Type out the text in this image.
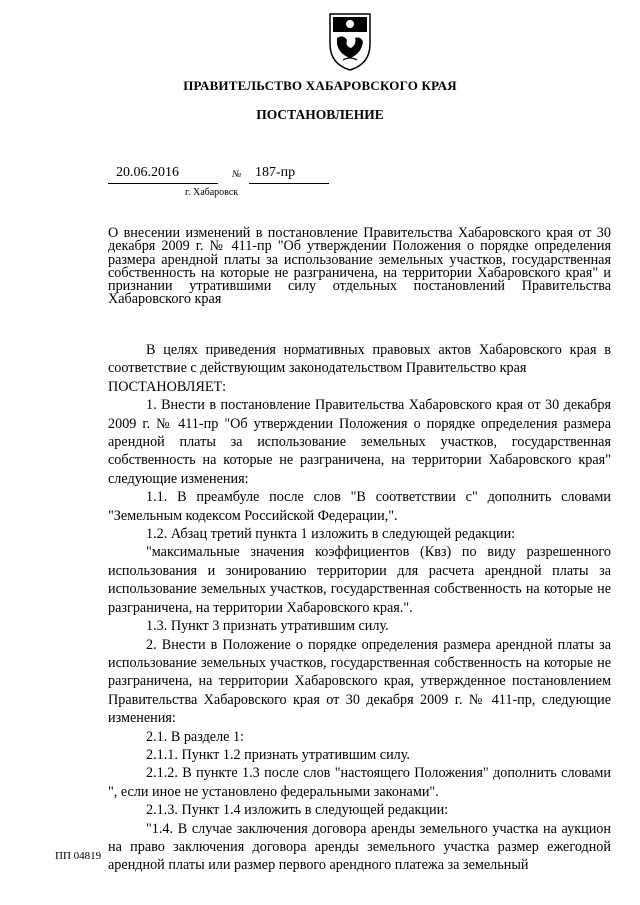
ПРАВИТЕЛЬСТВО ХАБАРОВСКОГО КРАЯ
ПОСТАНОВЛЕНИЕ
20.06.2016	№ 187-пр
г. Хабаровск
О внесении изменений в постановление Правительства Хабаровского края от 30 декабря 2009 г. № 411-пр "Об утверждении Положения о порядке определения размера арендной платы за использование земельных участков, государственная собственность на которые не разграничена, на территории Хабаровского края" и признании утратившими силу отдельных постановлений Правительства Хабаровского края

В целях приведения нормативных правовых актов Хабаровского края в соответствие с действующим законодательством Правительство края

ПОСТАНОВЛЯЕТ:

1. Внести в постановление Правительства Хабаровского края от 30 декабря 2009 г. № 411-пр "Об утверждении Положения о порядке определения размера арендной платы за использование земельных участков, государственная собственность на которые не разграничена, на территории Хабаровского края" следующие изменения:

1.1. В преамбуле после слов "В соответствии с" дополнить словами "Земельным кодексом Российской Федерации,".

1.2. Абзац третий пункта 1 изложить в следующей редакции:

"максимальные значения коэффициентов (Квз) по виду разрешенного использования и зонированию территории для расчета арендной платы за использование земельных участков, государственная собственность на которые не разграничена, на территории Хабаровского края.".

1.3. Пункт 3 признать утратившим силу.

2. Внести в Положение о порядке определения размера арендной платы за использование земельных участков, государственная собственность на которые не разграничена, на территории Хабаровского края, утвержденное постановлением Правительства Хабаровского края от 30 декабря 2009 г. № 411-пр, следующие изменения:

2.1. В разделе 1:

2.1.1. Пункт 1.2 признать утратившим силу.

2.1.2. В пункте 1.3 после слов "настоящего Положения" дополнить словами ", если иное не установлено федеральными законами".

2.1.3. Пункт 1.4 изложить в следующей редакции:

"1.4. В случае заключения договора аренды земельного участка на аукцион на право заключения договора аренды земельного участка размер ежегодной арендной платы или размер первого арендного платежа за земельный

ПП 04819
